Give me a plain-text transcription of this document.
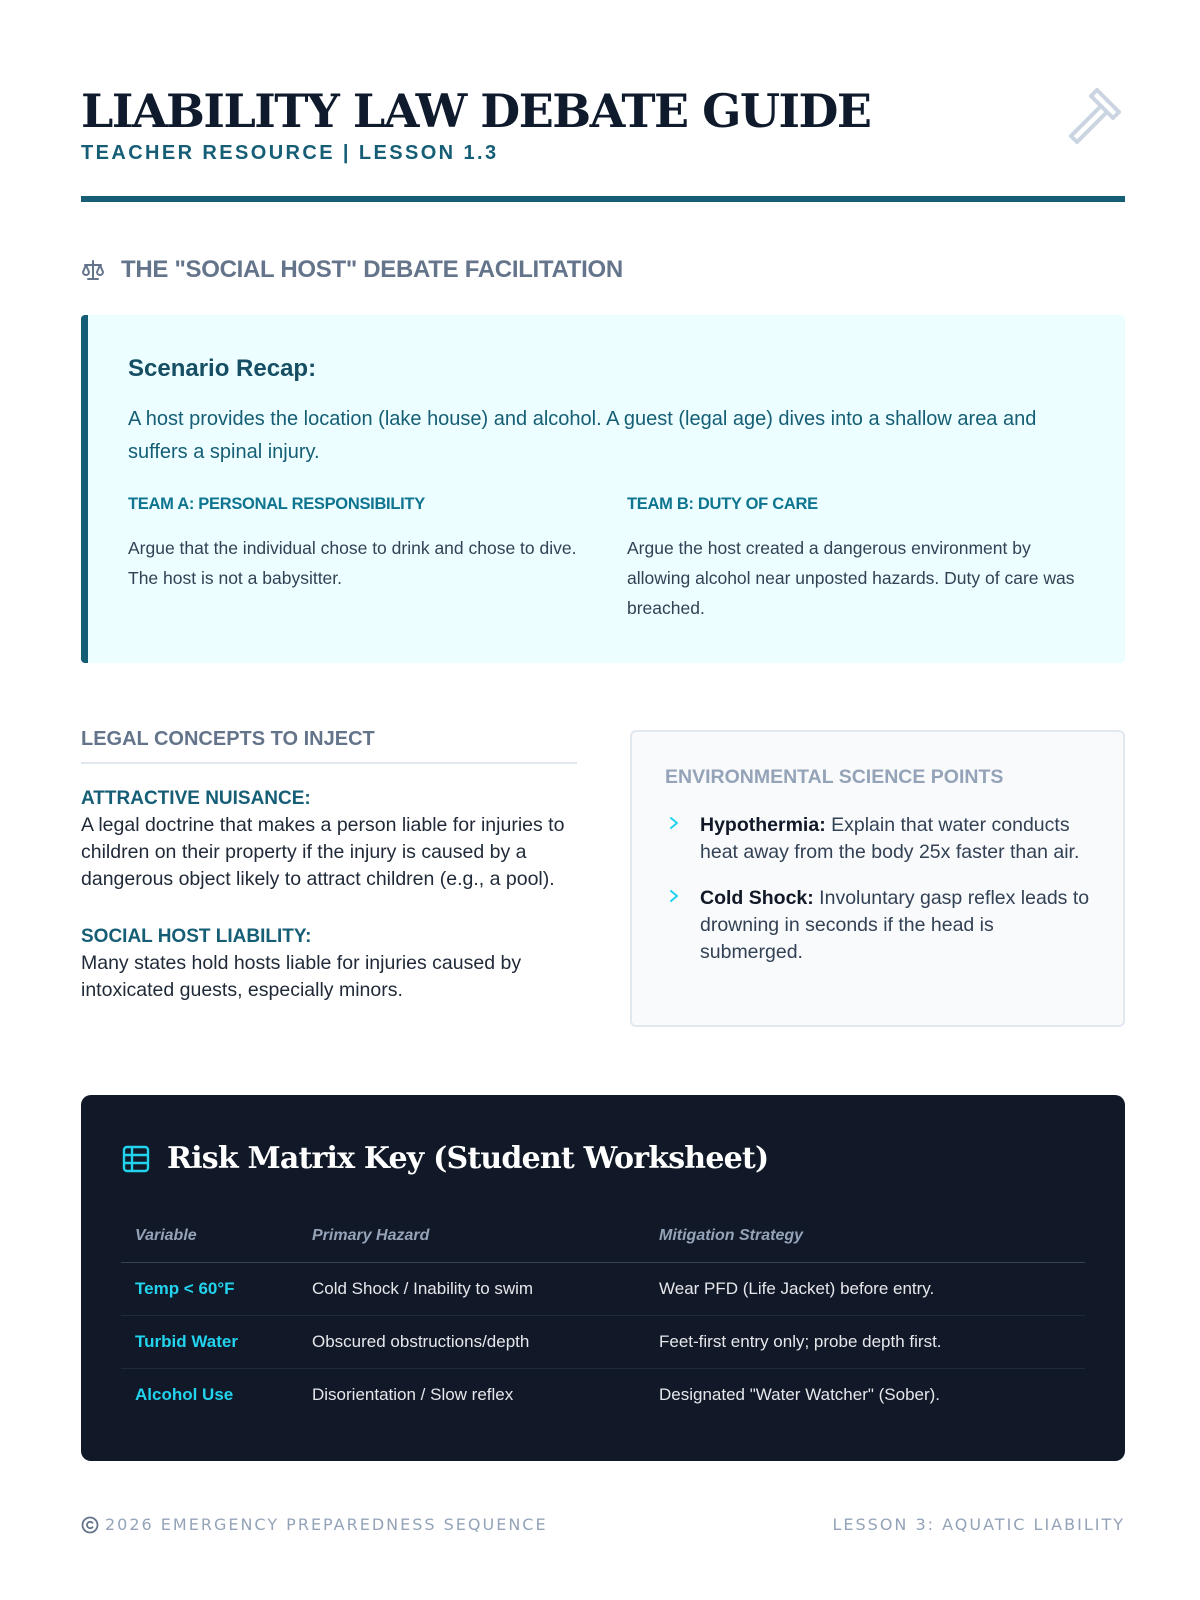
LIABILITY LAW DEBATE GUIDE
TEACHER RESOURCE | LESSON 1.3
THE "SOCIAL HOST" DEBATE FACILITATION
Scenario Recap:

A host provides the location (lake house) and alcohol. A guest (legal age) dives into a shallow area and suffers a spinal injury.

TEAM A: PERSONAL RESPONSIBILITY

Argue that the individual chose to drink and chose to dive. The host is not a babysitter.

TEAM B: DUTY OF CARE

Argue the host created a dangerous environment by allowing alcohol near unposted hazards. Duty of care was breached.

LEGAL CONCEPTS TO INJECT
ATTRACTIVE NUISANCE:

A legal doctrine that makes a person liable for injuries to children on their property if the injury is caused by a dangerous object likely to attract children (e.g., a pool).

SOCIAL HOST LIABILITY:

Many states hold hosts liable for injuries caused by intoxicated guests, especially minors.

ENVIRONMENTAL SCIENCE POINTS
Hypothermia: Explain that water conducts heat away from the body 25x faster than air.
Cold Shock: Involuntary gasp reflex leads to drowning in seconds if the head is submerged.
Risk Matrix Key (Student Worksheet)
Variable	Primary Hazard	Mitigation Strategy
Temp < 60°F	Cold Shock / Inability to swim	Wear PFD (Life Jacket) before entry.
Turbid Water	Obscured obstructions/depth	Feet-first entry only; probe depth first.
Alcohol Use	Disorientation / Slow reflex	Designated "Water Watcher" (Sober).
2026 EMERGENCY PREPAREDNESS SEQUENCE	LESSON 3: AQUATIC LIABILITY
